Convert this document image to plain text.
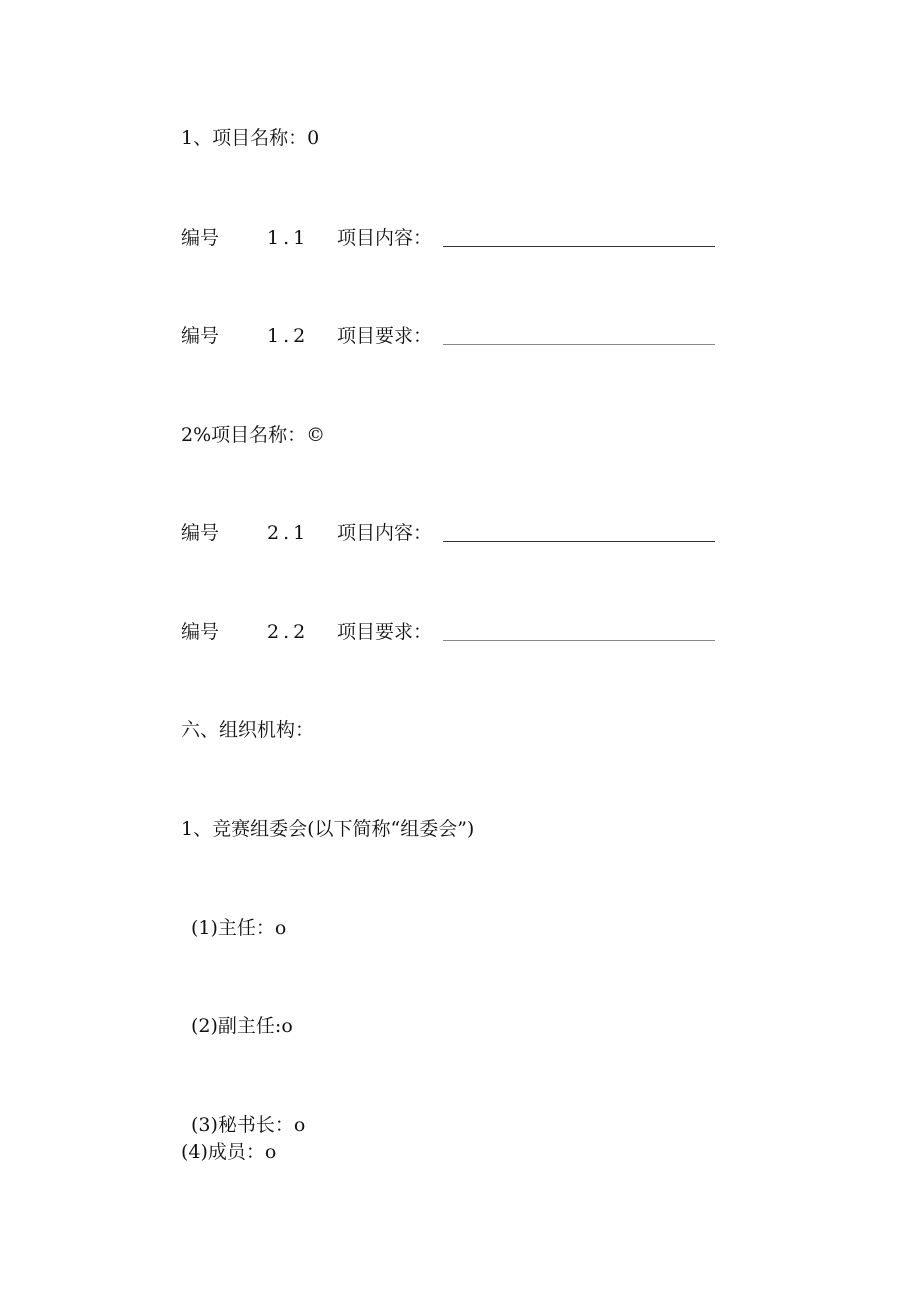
1、项目名称：0
编号	1.1 项目内容：
编号	1.2 项目要求：
2%项目名称：©
编号	2.1 项目内容：
编号	2.2 项目要求：
六、组织机构：
1、竞赛组委会(以下简称“组委会”)
(1)主任：o
(2)副主任:o
(3)秘书长：o
(4)成员：o
